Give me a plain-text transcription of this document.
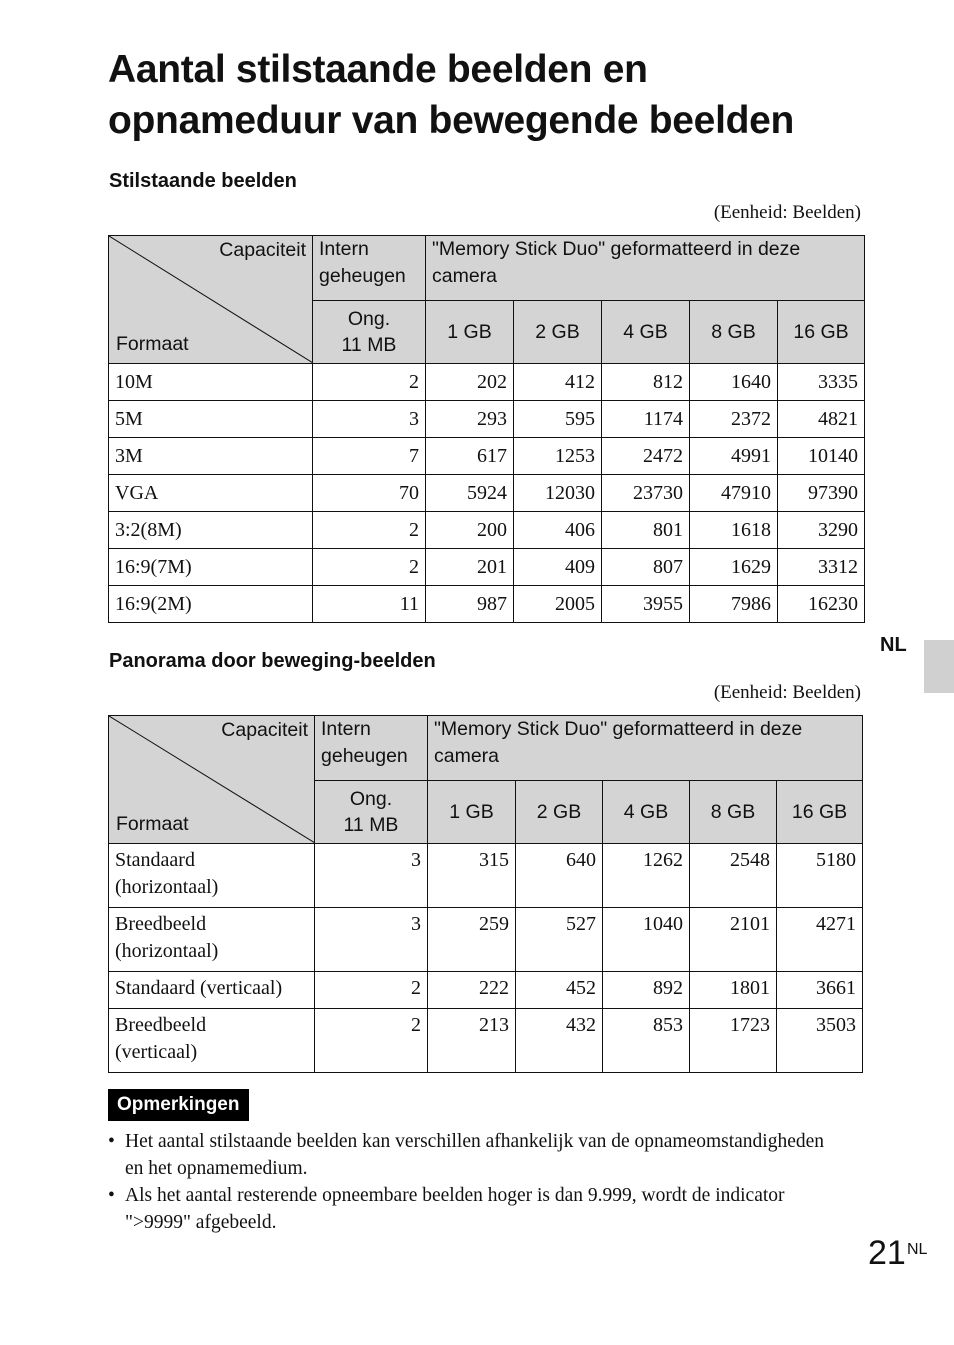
Aantal stilstaande beelden en
opnameduur van bewegende beelden
Stilstaande beelden
(Eenheid: Beelden)
Capaciteit
Formaat	Intern geheugen	"Memory Stick Duo" geformatteerd in deze camera				
	Ong. 11 MB	1 GB	2 GB	4 GB	8 GB	16 GB
10M	2	202	412	812	1640	3335
5M	3	293	595	1174	2372	4821
3M	7	617	1253	2472	4991	10140
VGA	70	5924	12030	23730	47910	97390
3:2(8M)	2	200	406	801	1618	3290
16:9(7M)	2	201	409	807	1629	3312
16:9(2M)	11	987	2005	3955	7986	16230
NL
Panorama door beweging-beelden
(Eenheid: Beelden)
Capaciteit
Formaat	Intern geheugen	"Memory Stick Duo" geformatteerd in deze camera				
	Ong. 11 MB	1 GB	2 GB	4 GB	8 GB	16 GB
Standaard (horizontaal)	3	315	640	1262	2548	5180
Breedbeeld (horizontaal)	3	259	527	1040	2101	4271
Standaard (verticaal)	2	222	452	892	1801	3661
Breedbeeld (verticaal)	2	213	432	853	1723	3503
Opmerkingen
• Het aantal stilstaande beelden kan verschillen afhankelijk van de opnameomstandigheden en het opnamemedium.
• Als het aantal resterende opneembare beelden hoger is dan 9.999, wordt de indicator ">9999" afgebeeld.
21 NL
